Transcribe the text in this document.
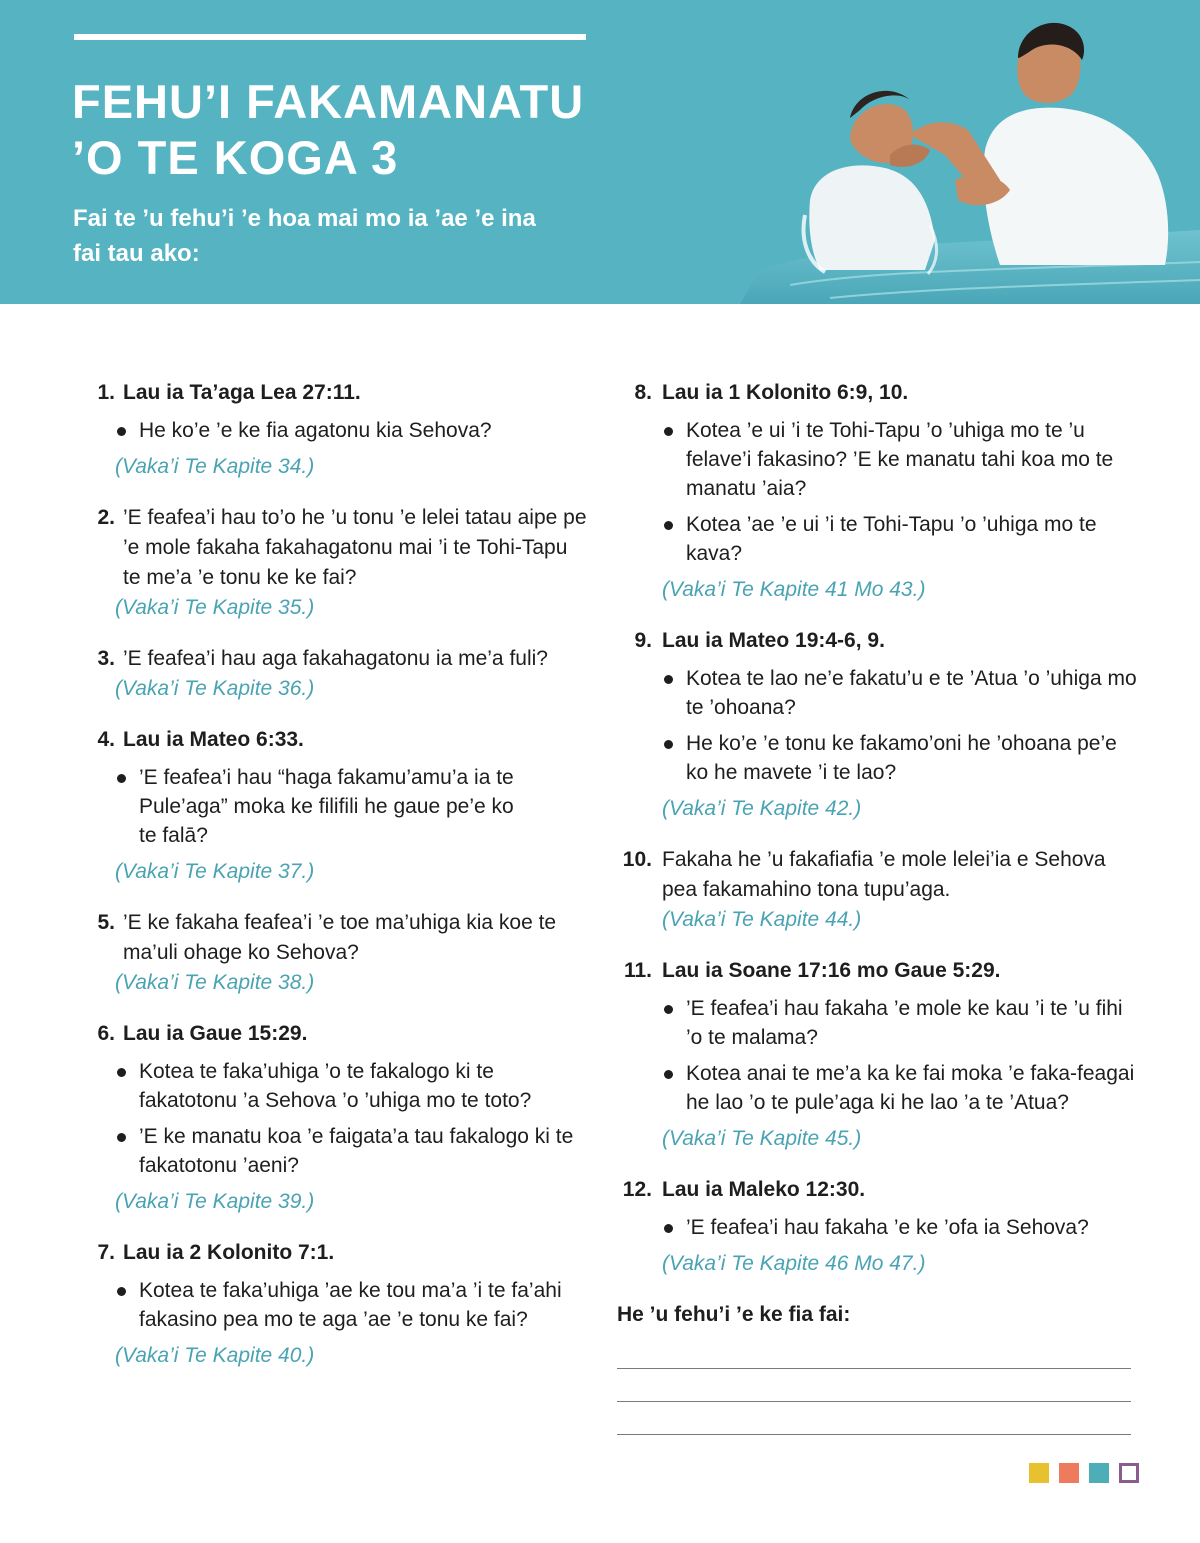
FEHU’I FAKAMANATU
’O TE KOGA 3
Fai te ’u fehu’i ’e hoa mai mo ia ’ae ’e ina fai tau ako:
1. Lau ia Ta’aga Lea 27:11.
He ko’e ’e ke fia agatonu kia Sehova?
(Vaka’i Te Kapite 34.)
2. ’E feafea’i hau to’o he ’u tonu ’e lelei tatau aipe pe ’e mole fakaha fakahagatonu mai ’i te Tohi-Tapu te me’a ’e tonu ke ke fai?
(Vaka’i Te Kapite 35.)
3. ’E feafea’i hau aga fakahagatonu ia me’a fuli?
(Vaka’i Te Kapite 36.)
4. Lau ia Mateo 6:33.
’E feafea’i hau “haga fakamu’amu’a ia te Pule’aga” moka ke filifili he gaue pe’e ko te falā?
(Vaka’i Te Kapite 37.)
5. ’E ke fakaha feafea’i ’e toe ma’uhiga kia koe te ma’uli ohage ko Sehova?
(Vaka’i Te Kapite 38.)
6. Lau ia Gaue 15:29.
Kotea te faka’uhiga ’o te fakalogo ki te fakatotonu ’a Sehova ’o ’uhiga mo te toto?
’E ke manatu koa ’e faigata’a tau fakalogo ki te fakatotonu ’aeni?
(Vaka’i Te Kapite 39.)
7. Lau ia 2 Kolonito 7:1.
Kotea te faka’uhiga ’ae ke tou ma’a ’i te fa’ahi fakasino pea mo te aga ’ae ’e tonu ke fai?
(Vaka’i Te Kapite 40.)
8. Lau ia 1 Kolonito 6:9, 10.
Kotea ’e ui ’i te Tohi-Tapu ’o ’uhiga mo te ’u felave’i fakasino? ’E ke manatu tahi koa mo te manatu ’aia?
Kotea ’ae ’e ui ’i te Tohi-Tapu ’o ’uhiga mo te kava?
(Vaka’i Te Kapite 41 Mo 43.)
9. Lau ia Mateo 19:4-6, 9.
Kotea te lao ne’e fakatu’u e te ’Atua ’o ’uhiga mo te ’ohoana?
He ko’e ’e tonu ke fakamo’oni he ’ohoana pe’e ko he mavete ’i te lao?
(Vaka’i Te Kapite 42.)
10. Fakaha he ’u fakafiafia ’e mole lelei’ia e Sehova pea fakamahino tona tupu’aga.
(Vaka’i Te Kapite 44.)
11. Lau ia Soane 17:16 mo Gaue 5:29.
’E feafea’i hau fakaha ’e mole ke kau ’i te ’u fihi ’o te malama?
Kotea anai te me’a ka ke fai moka ’e faka-feagai he lao ’o te pule’aga ki he lao ’a te ’Atua?
(Vaka’i Te Kapite 45.)
12. Lau ia Maleko 12:30.
’E feafea’i hau fakaha ’e ke ’ofa ia Sehova?
(Vaka’i Te Kapite 46 Mo 47.)
He ’u fehu’i ’e ke fia fai:
